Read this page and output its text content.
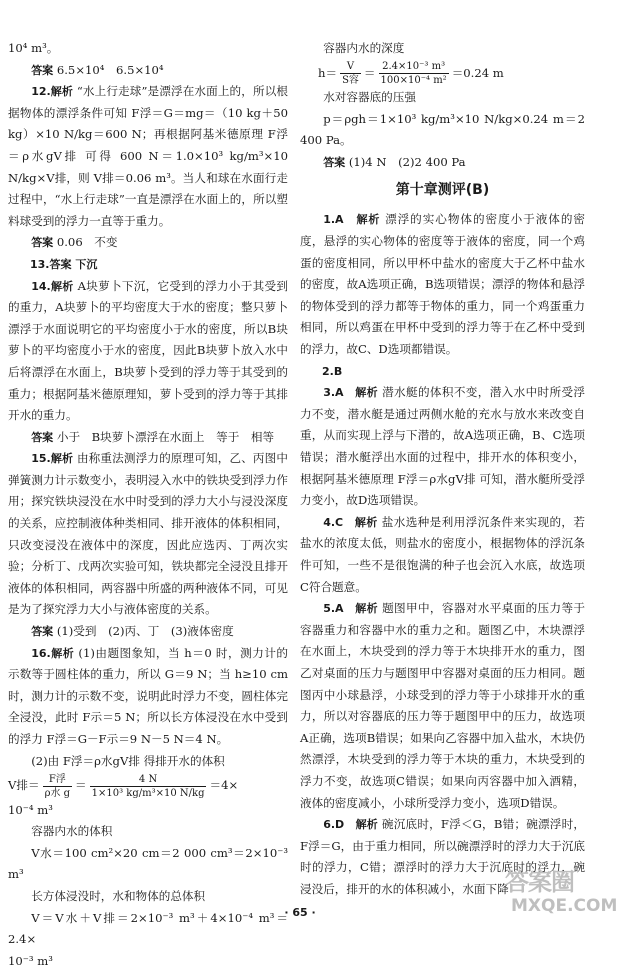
10⁴ m³。

答案 6.5×10⁴　6.5×10⁴

12.解析 “水上行走球”是漂浮在水面上的，所以根据物体的漂浮条件可知 F浮＝G＝mg＝（10 kg＋50 kg）×10 N/kg＝600 N；再根据阿基米德原理 F浮＝ρ水gV排 可得 600 N＝1.0×10³ kg/m³×10 N/kg×V排，则 V排＝0.06 m³。当人和球在水面行走过程中，“水上行走球”一直是漂浮在水面上的，所以塑料球受到的浮力一直等于重力。

答案 0.06　不变

13.答案 下沉

14.解析 A块萝卜下沉，它受到的浮力小于其受到的重力，A块萝卜的平均密度大于水的密度；整只萝卜漂浮于水面说明它的平均密度小于水的密度，所以B块萝卜的平均密度小于水的密度，因此B块萝卜放入水中后将漂浮在水面上，B块萝卜受到的浮力等于其受到的重力；根据阿基米德原理知，萝卜受到的浮力等于其排开水的重力。

答案 小于　B块萝卜漂浮在水面上　等于　相等

15.解析 由称重法测浮力的原理可知，乙、丙图中弹簧测力计示数变小，表明浸入水中的铁块受到浮力作用；探究铁块浸没在水中时受到的浮力大小与浸没深度的关系，应控制液体种类相同、排开液体的体积相同，只改变浸没在液体中的深度，因此应选丙、丁两次实验；分析丁、戊两次实验可知，铁块都完全浸没且排开液体的体积相同，两容器中所盛的两种液体不同，可见是为了探究浮力大小与液体密度的关系。

答案 (1)受到　(2)丙、丁　(3)液体密度

16.解析 (1)由题图象知，当 h＝0 时，测力计的示数等于圆柱体的重力，所以 G＝9 N；当 h≥10 cm时，测力计的示数不变，说明此时浮力不变，圆柱体完全浸没，此时 F示＝5 N；所以长方体浸没在水中受到的浮力 F浮＝G－F示＝9 N－5 N＝4 N。

(2)由 F浮＝ρ水gV排 得排开水的体积

V排＝ $\frac{\text{F浮}}{\text{ρ水 g}} = \frac{4 N}{\text{1×10³ kg/m³×10 N/kg}} =4\times$

10⁻⁴ m³

容器内水的体积

V水＝100 cm²×20 cm＝2 000 cm³＝2×10⁻³ m³

长方体浸没时，水和物体的总体积

V＝V水＋V排＝2×10⁻³ m³＋4×10⁻⁴ m³＝2.4×

10⁻³ m³

容器内水的深度

$h= \frac{V}{\text{S容}} = \frac{\text{2.4×10⁻³ m³}}{\text{100×10⁻⁴ m²}} =0.24$ m

水对容器底的压强

p＝ρgh＝1×10³ kg/m³×10 N/kg×0.24 m＝2 400 Pa。

答案 (1)4 N　(2)2 400 Pa

第十章测评(B)

1.A　解析 漂浮的实心物体的密度小于液体的密度，悬浮的实心物体的密度等于液体的密度，同一个鸡蛋的密度相同，所以甲杯中盐水的密度大于乙杯中盐水的密度，故A选项正确，B选项错误；漂浮的物体和悬浮的物体受到的浮力都等于物体的重力，同一个鸡蛋重力相同，所以鸡蛋在甲杯中受到的浮力等于在乙杯中受到的浮力，故C、D选项都错误。

2.B

3.A　解析 潜水艇的体积不变，潜入水中时所受浮力不变，潜水艇是通过两侧水舱的充水与放水来改变自重，从而实现上浮与下潜的，故A选项正确，B、C选项错误；潜水艇浮出水面的过程中，排开水的体积变小，根据阿基米德原理 F浮＝ρ水gV排 可知，潜水艇所受浮力变小，故D选项错误。

4.C　解析 盐水选种是利用浮沉条件来实现的，若盐水的浓度太低，则盐水的密度小，根据物体的浮沉条件可知，一些不是很饱满的种子也会沉入水底，故选项C符合题意。

5.A　解析 题图甲中，容器对水平桌面的压力等于容器重力和容器中水的重力之和。题图乙中，木块漂浮在水面上，木块受到的浮力等于木块排开水的重力，图乙对桌面的压力与题图甲中容器对桌面的压力相同。题图丙中小球悬浮，小球受到的浮力等于小球排开水的重力，所以对容器底的压力等于题图甲中的压力，故选项A正确，选项B错误；如果向乙容器中加入盐水，木块仍然漂浮，木块受到的浮力等于木块的重力，木块受到的浮力不变，故选项C错误；如果向丙容器中加入酒精，液体的密度减小，小球所受浮力变小，选项D错误。

6.D　解析 碗沉底时，F浮＜G，B错；碗漂浮时，F浮＝G，由于重力相同，所以碗漂浮时的浮力大于沉底时的浮力，C错；漂浮时的浮力大于沉底时的浮力，碗浸没后，排开的水的体积减小，水面下降

· 65 ·
答案圈
MXQE.COM
